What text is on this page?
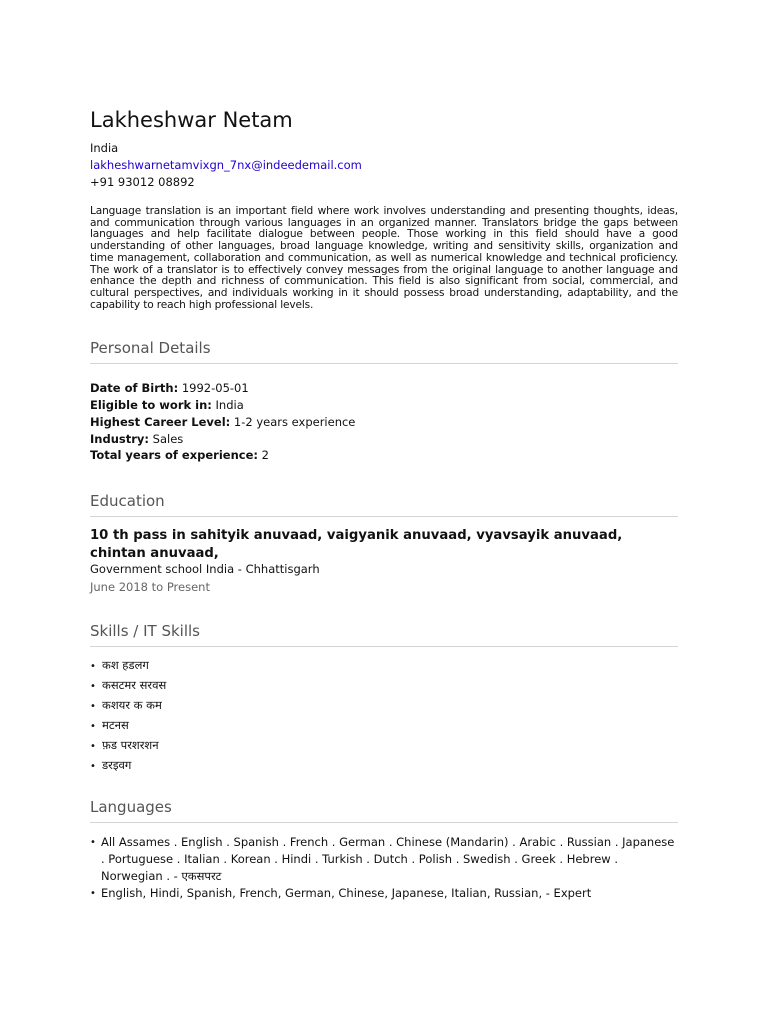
Lakheshwar Netam
India
lakheshwarnetamvixgn_7nx@indeedemail.com
+91 93012 08892

Language translation is an important field where work involves understanding and presenting thoughts, ideas, and communication through various languages in an organized manner. Translators bridge the gaps between languages and help facilitate dialogue between people. Those working in this field should have a good understanding of other languages, broad language knowledge, writing and sensitivity skills, organization and time management, collaboration and communication, as well as numerical knowledge and technical proficiency. The work of a translator is to effectively convey messages from the original language to another language and enhance the depth and richness of communication. This field is also significant from social, commercial, and cultural perspectives, and individuals working in it should possess broad understanding, adaptability, and the capability to reach high professional levels.

Personal Details
Date of Birth: 1992-05-01
Eligible to work in: India
Highest Career Level: 1-2 years experience
Industry: Sales
Total years of experience: 2
Education
10 th pass in sahityik anuvaad, vaigyanik anuvaad, vyavsayik anuvaad, chintan anuvaad,
Government school India - Chhattisgarh
June 2018 to Present
Skills / IT Skills
• कश हडलग
• कसटमर सरवस
• कशयर क कम
• मटनस
• फ़ड परशरशन
• डरइवग
Languages
• All Assames . English . Spanish . French . German . Chinese (Mandarin) . Arabic . Russian . Japanese . Portuguese . Italian . Korean . Hindi . Turkish . Dutch . Polish . Swedish . Greek . Hebrew . Norwegian . - एकसपरट
• English, Hindi, Spanish, French, German, Chinese, Japanese, Italian, Russian, - Expert
